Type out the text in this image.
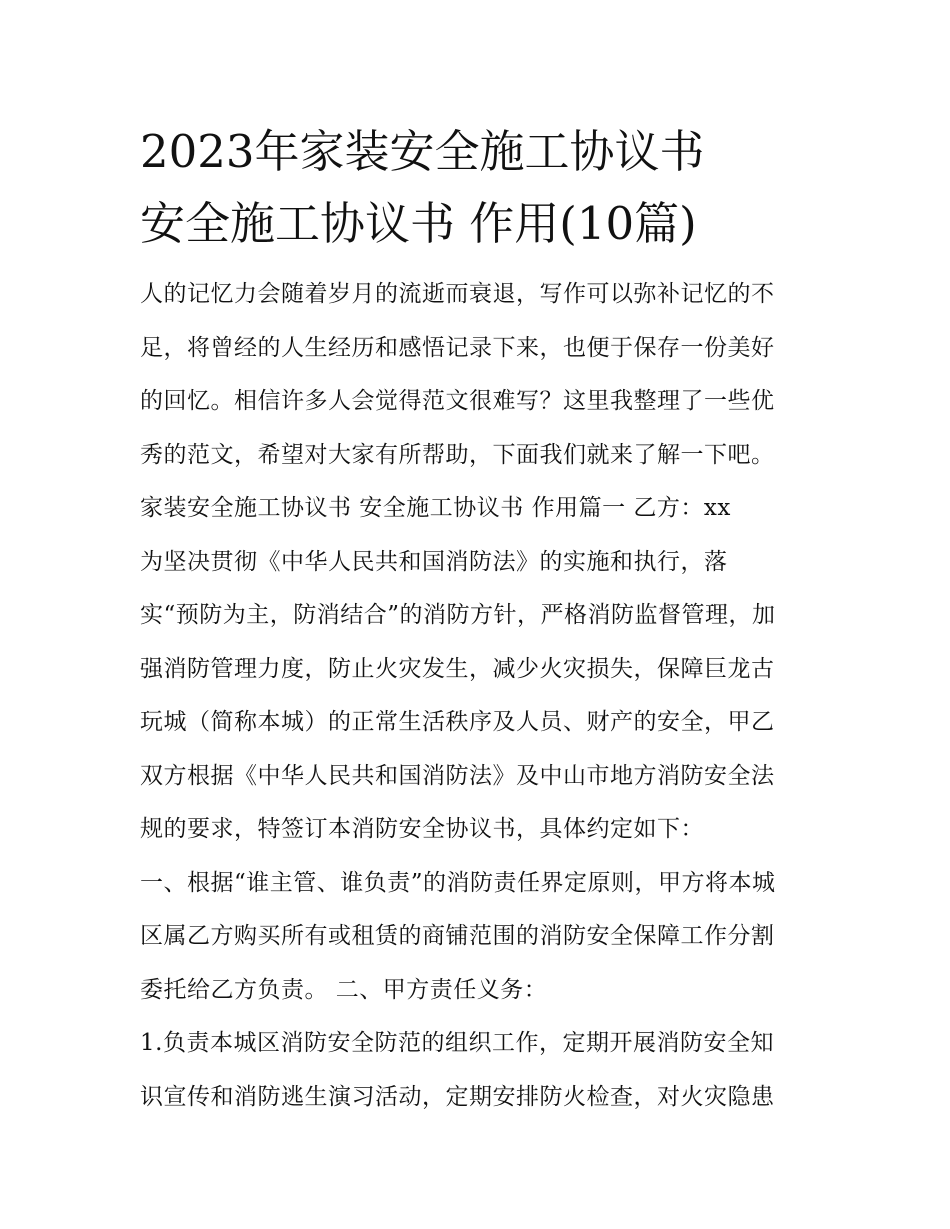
2023年家装安全施工协议书
安全施工协议书 作用(10篇)
人的记忆力会随着岁月的流逝而衰退，写作可以弥补记忆的不
足，将曾经的人生经历和感悟记录下来，也便于保存一份美好
的回忆。相信许多人会觉得范文很难写？这里我整理了一些优
秀的范文，希望对大家有所帮助，下面我们就来了解一下吧。
家装安全施工协议书 安全施工协议书 作用篇一 乙方：xx
为坚决贯彻《中华人民共和国消防法》的实施和执行，落
实“预防为主，防消结合”的消防方针，严格消防监督管理，加
强消防管理力度，防止火灾发生，减少火灾损失，保障巨龙古
玩城（简称本城）的正常生活秩序及人员、财产的安全，甲乙
双方根据《中华人民共和国消防法》及中山市地方消防安全法
规的要求，特签订本消防安全协议书，具体约定如下：
一、根据“谁主管、谁负责”的消防责任界定原则，甲方将本城
区属乙方购买所有或租赁的商铺范围的消防安全保障工作分割
委托给乙方负责。 二、甲方责任义务：
1.负责本城区消防安全防范的组织工作，定期开展消防安全知
识宣传和消防逃生演习活动，定期安排防火检查，对火灾隐患
